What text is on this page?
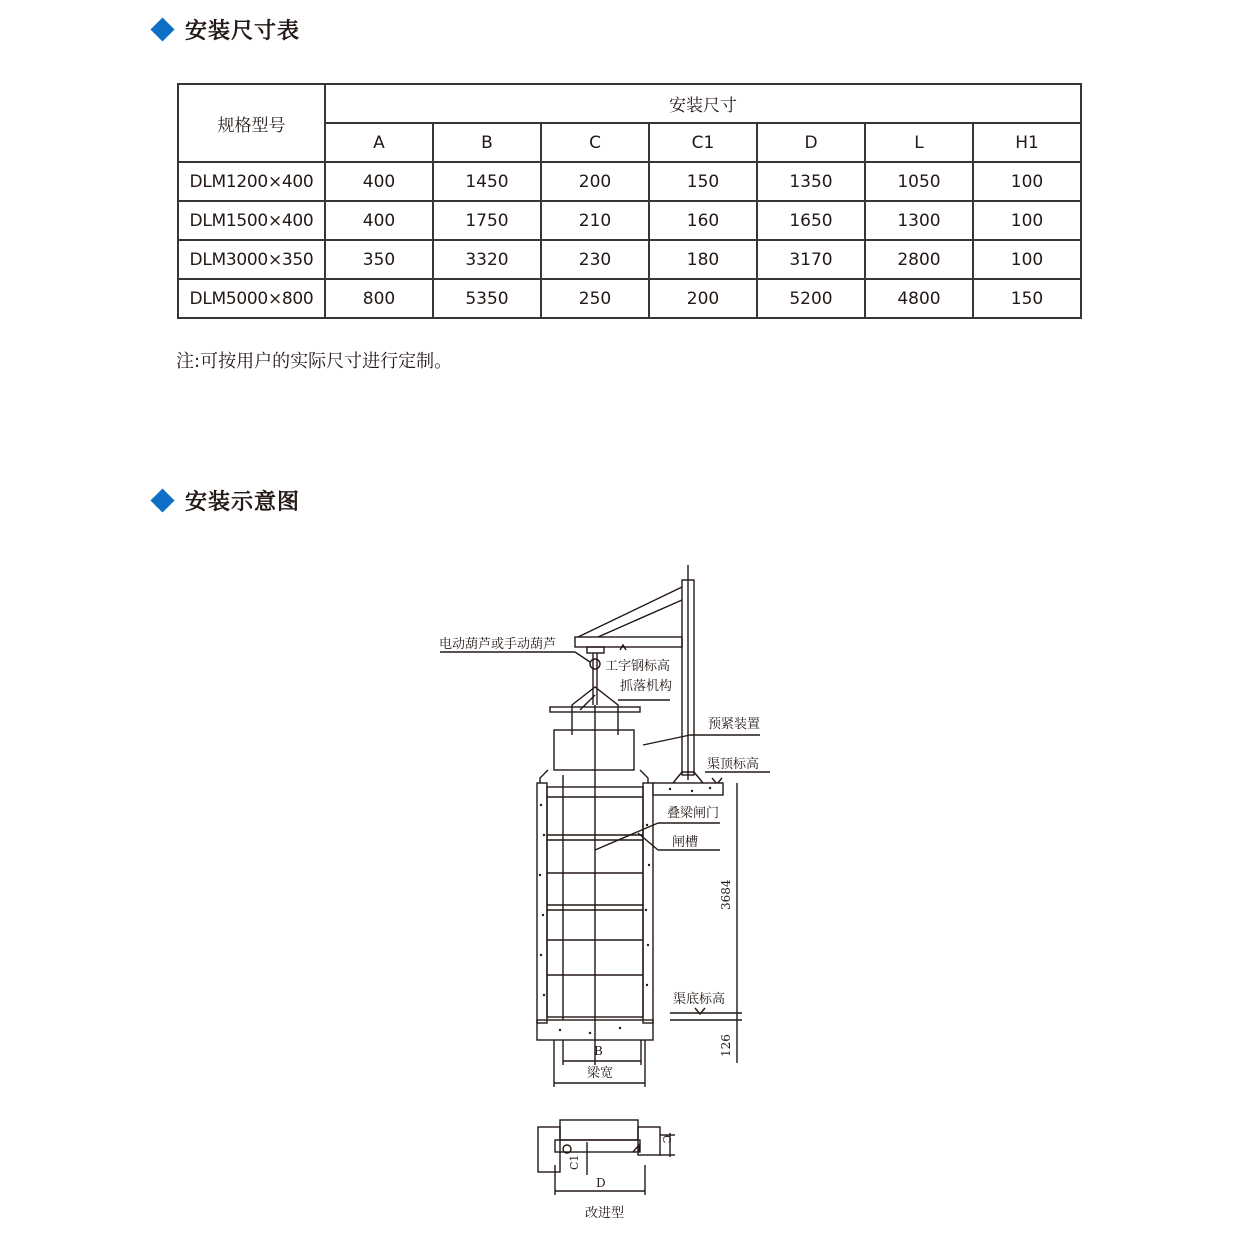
安装尺寸表
规格型号	安装尺寸						
	A	B	C	C1	D	L	H1
DLM1200×400	400	1450	200	150	1350	1050	100
DLM1500×400	400	1750	210	160	1650	1300	100
DLM3000×350	350	3320	230	180	3170	2800	100
DLM5000×800	800	5350	250	200	5200	4800	150
注:可按用户的实际尺寸进行定制。
安装示意图
工字钢标高
抓落机构
电动葫芦或手动葫芦
预紧装置
渠顶标高
叠梁闸门
闸槽
3684
渠底标高
126
B
梁宽
C
C1
D
改进型
